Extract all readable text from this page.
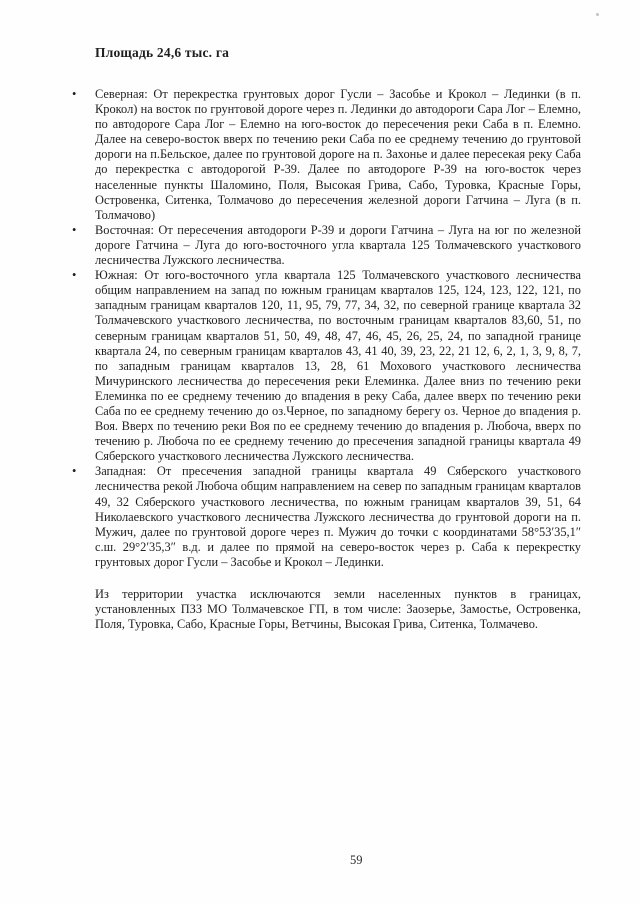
Площадь 24,6 тыс. га
• Северная: От перекрестка грунтовых дорог Гусли – Засобье и Крокол – Лединки (в п. Крокол) на восток по грунтовой дороге через п. Лединки до автодороги Сара Лог – Елемно, по автодороге Сара Лог – Елемно на юго-восток до пересечения реки Саба в п. Елемно. Далее на северо-восток вверх по течению реки Саба по ее среднему течению до грунтовой дороги на п.Бельское, далее по грунтовой дороге на п. Захонье и далее пересекая реку Саба до перекрестка с автодорогой Р-39. Далее по автодороге Р-39 на юго-восток через населенные пункты Шаломино, Поля, Высокая Грива, Сабо, Туровка, Красные Горы, Островенка, Ситенка, Толмачово до пересечения железной дороги Гатчина – Луга (в п. Толмачово)
• Восточная: От пересечения автодороги Р-39 и дороги Гатчина – Луга на юг по железной дороге Гатчина – Луга до юго-восточного угла квартала 125 Толмачевского участкового лесничества Лужского лесничества.
• Южная: От юго-восточного угла квартала 125 Толмачевского участкового лесничества общим направлением на запад по южным границам кварталов 125, 124, 123, 122, 121, по западным границам кварталов 120, 11, 95, 79, 77, 34, 32, по северной границе квартала 32 Толмачевского участкового лесничества, по восточным границам кварталов 83,60, 51, по северным границам кварталов 51, 50, 49, 48, 47, 46, 45, 26, 25, 24, по западной границе квартала 24, по северным границам кварталов 43, 41 40, 39, 23, 22, 21 12, 6, 2, 1, 3, 9, 8, 7, по западным границам кварталов 13, 28, 61 Мохового участкового лесничества Мичуринского лесничества до пересечения реки Елеминка. Далее вниз по течению реки Елеминка по ее среднему течению до впадения в реку Саба, далее вверх по течению реки Саба по ее среднему течению до оз.Черное, по западному берегу оз. Черное до впадения р. Воя. Вверх по течению реки Воя по ее среднему течению до впадения р. Любоча, вверх по течению р. Любоча по ее среднему течению до пресечения западной границы квартала 49 Сяберского участкового лесничества Лужского лесничества.
• Западная: От пресечения западной границы квартала 49 Сяберского участкового лесничества рекой Любоча общим направлением на север по западным границам кварталов 49, 32 Сяберского участкового лесничества, по южным границам кварталов 39, 51, 64 Николаевского участкового лесничества Лужского лесничества до грунтовой дороги на п. Мужич, далее по грунтовой дороге через п. Мужич до точки с координатами 58°53′35,1″ с.ш. 29°2′35,3″ в.д. и далее по прямой на северо-восток через р. Саба к перекрестку грунтовых дорог Гусли – Засобье и Крокол – Лединки.

Из территории участка исключаются земли населенных пунктов в границах, установленных ПЗЗ МО Толмачевское ГП, в том числе: Заозерье, Замостье, Островенка, Поля, Туровка, Сабо, Красные Горы, Ветчины, Высокая Грива, Ситенка, Толмачево.

59
